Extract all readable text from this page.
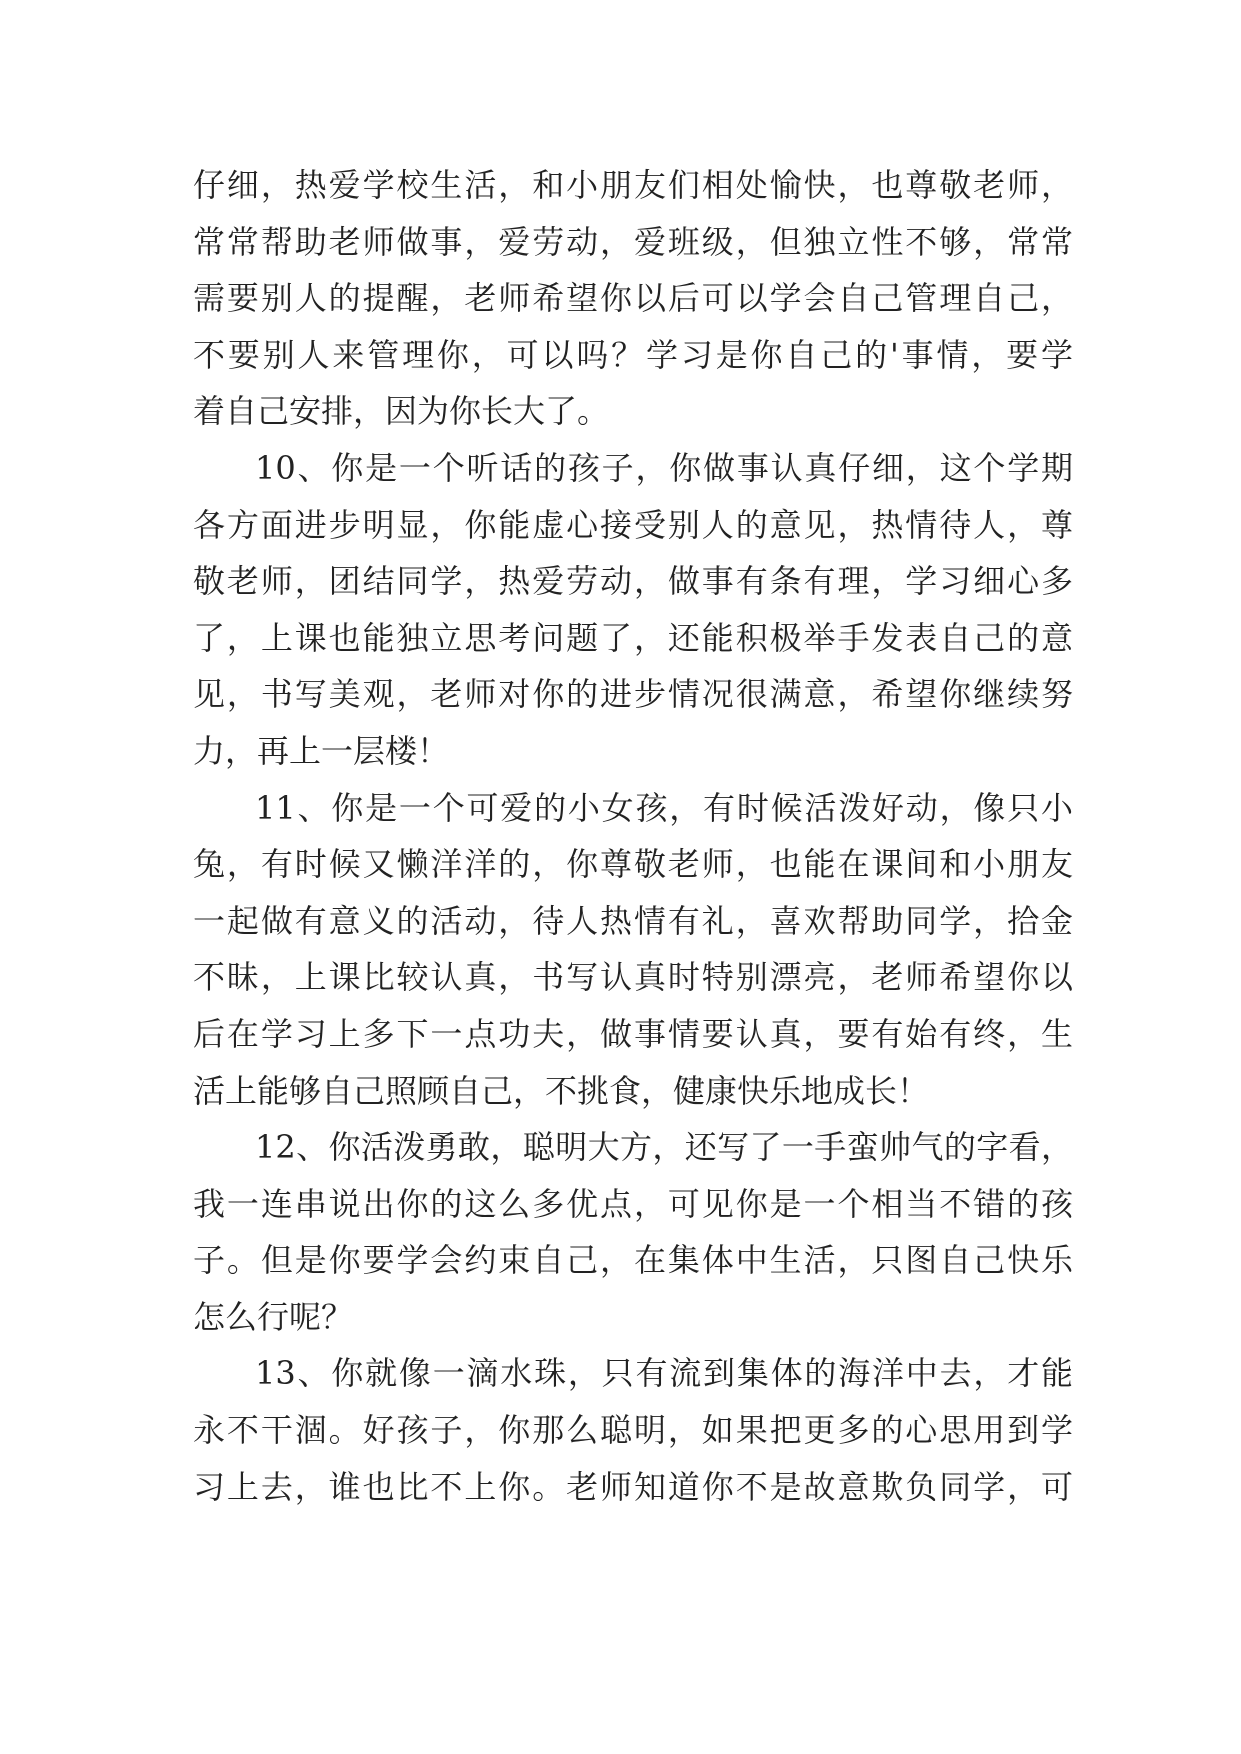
仔细，热爱学校生活，和小朋友们相处愉快，也尊敬老师，
常常帮助老师做事，爱劳动，爱班级，但独立性不够，常常
需要别人的提醒，老师希望你以后可以学会自己管理自己，
不要别人来管理你，可以吗？学习是你自己的'事情，要学
着自己安排，因为你长大了。
10、你是一个听话的孩子，你做事认真仔细，这个学期
各方面进步明显，你能虚心接受别人的意见，热情待人，尊
敬老师，团结同学，热爱劳动，做事有条有理，学习细心多
了，上课也能独立思考问题了，还能积极举手发表自己的意
见，书写美观，老师对你的进步情况很满意，希望你继续努
力，再上一层楼！
11、你是一个可爱的小女孩，有时候活泼好动，像只小
兔，有时候又懒洋洋的，你尊敬老师，也能在课间和小朋友
一起做有意义的活动，待人热情有礼，喜欢帮助同学，拾金
不昧，上课比较认真，书写认真时特别漂亮，老师希望你以
后在学习上多下一点功夫，做事情要认真，要有始有终，生
活上能够自己照顾自己，不挑食，健康快乐地成长！
12、你活泼勇敢，聪明大方，还写了一手蛮帅气的字看，
我一连串说出你的这么多优点，可见你是一个相当不错的孩
子。但是你要学会约束自己，在集体中生活，只图自己快乐
怎么行呢？
13、你就像一滴水珠，只有流到集体的海洋中去，才能
永不干涸。好孩子，你那么聪明，如果把更多的心思用到学
习上去，谁也比不上你。老师知道你不是故意欺负同学，可
